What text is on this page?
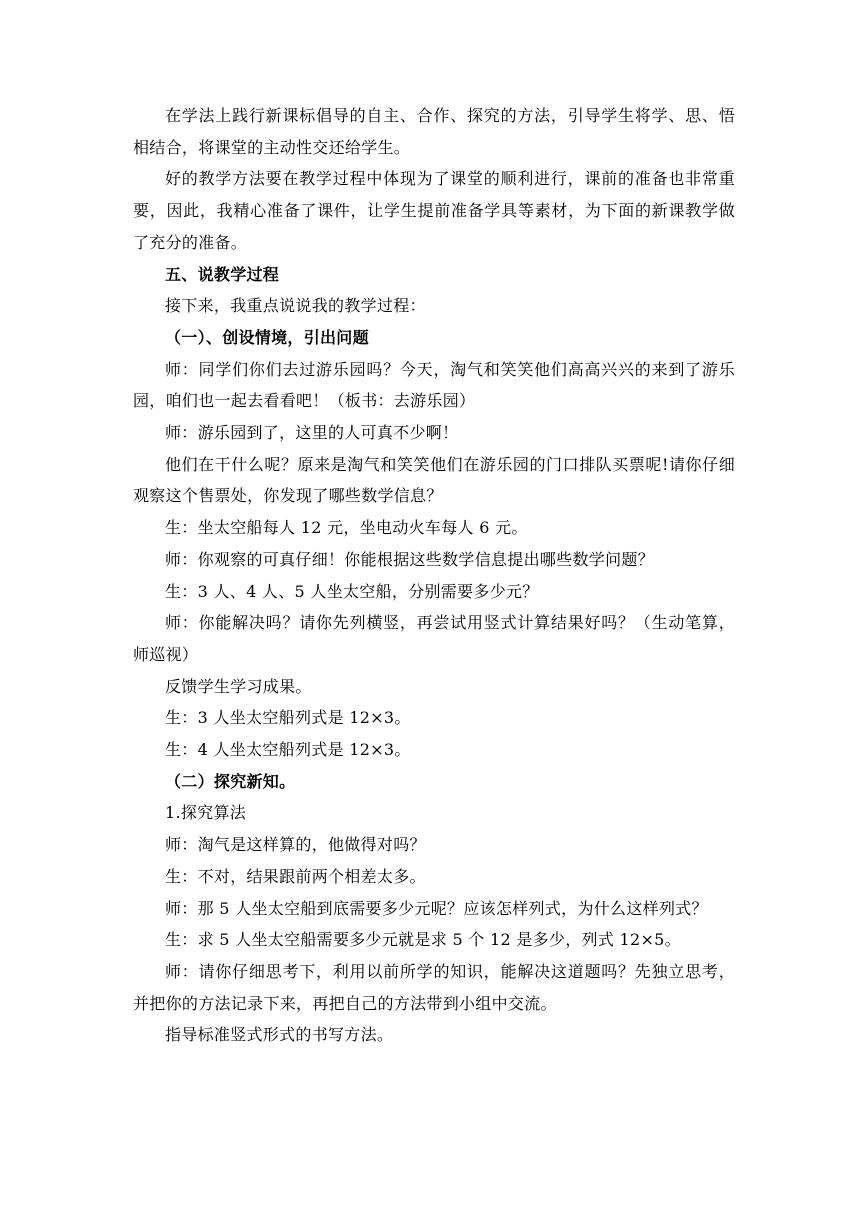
在学法上践行新课标倡导的自主、合作、探究的方法，引导学生将学、思、悟相结合，将课堂的主动性交还给学生。

好的教学方法要在教学过程中体现为了课堂的顺利进行，课前的准备也非常重要，因此，我精心准备了课件，让学生提前准备学具等素材，为下面的新课教学做了充分的准备。

五、说教学过程

接下来，我重点说说我的教学过程：

（一）、创设情境，引出问题

师：同学们你们去过游乐园吗？今天，淘气和笑笑他们高高兴兴的来到了游乐园，咱们也一起去看看吧！（板书：去游乐园）

师：游乐园到了，这里的人可真不少啊！

他们在干什么呢？原来是淘气和笑笑他们在游乐园的门口排队买票呢!请你仔细观察这个售票处，你发现了哪些数学信息？

生：坐太空船每人 12 元，坐电动火车每人 6 元。

师：你观察的可真仔细！你能根据这些数学信息提出哪些数学问题？

生：3 人、4 人、5 人坐太空船，分别需要多少元？

师：你能解决吗？请你先列横竖，再尝试用竖式计算结果好吗？（生动笔算，师巡视）

反馈学生学习成果。

生：3 人坐太空船列式是 12×3。

生：4 人坐太空船列式是 12×3。

（二）探究新知。

1.探究算法

师：淘气是这样算的，他做得对吗？

生：不对，结果跟前两个相差太多。

师：那 5 人坐太空船到底需要多少元呢？应该怎样列式，为什么这样列式？

生：求 5 人坐太空船需要多少元就是求 5 个 12 是多少，列式 12×5。

师：请你仔细思考下，利用以前所学的知识，能解决这道题吗？先独立思考，并把你的方法记录下来，再把自己的方法带到小组中交流。

指导标准竖式形式的书写方法。
